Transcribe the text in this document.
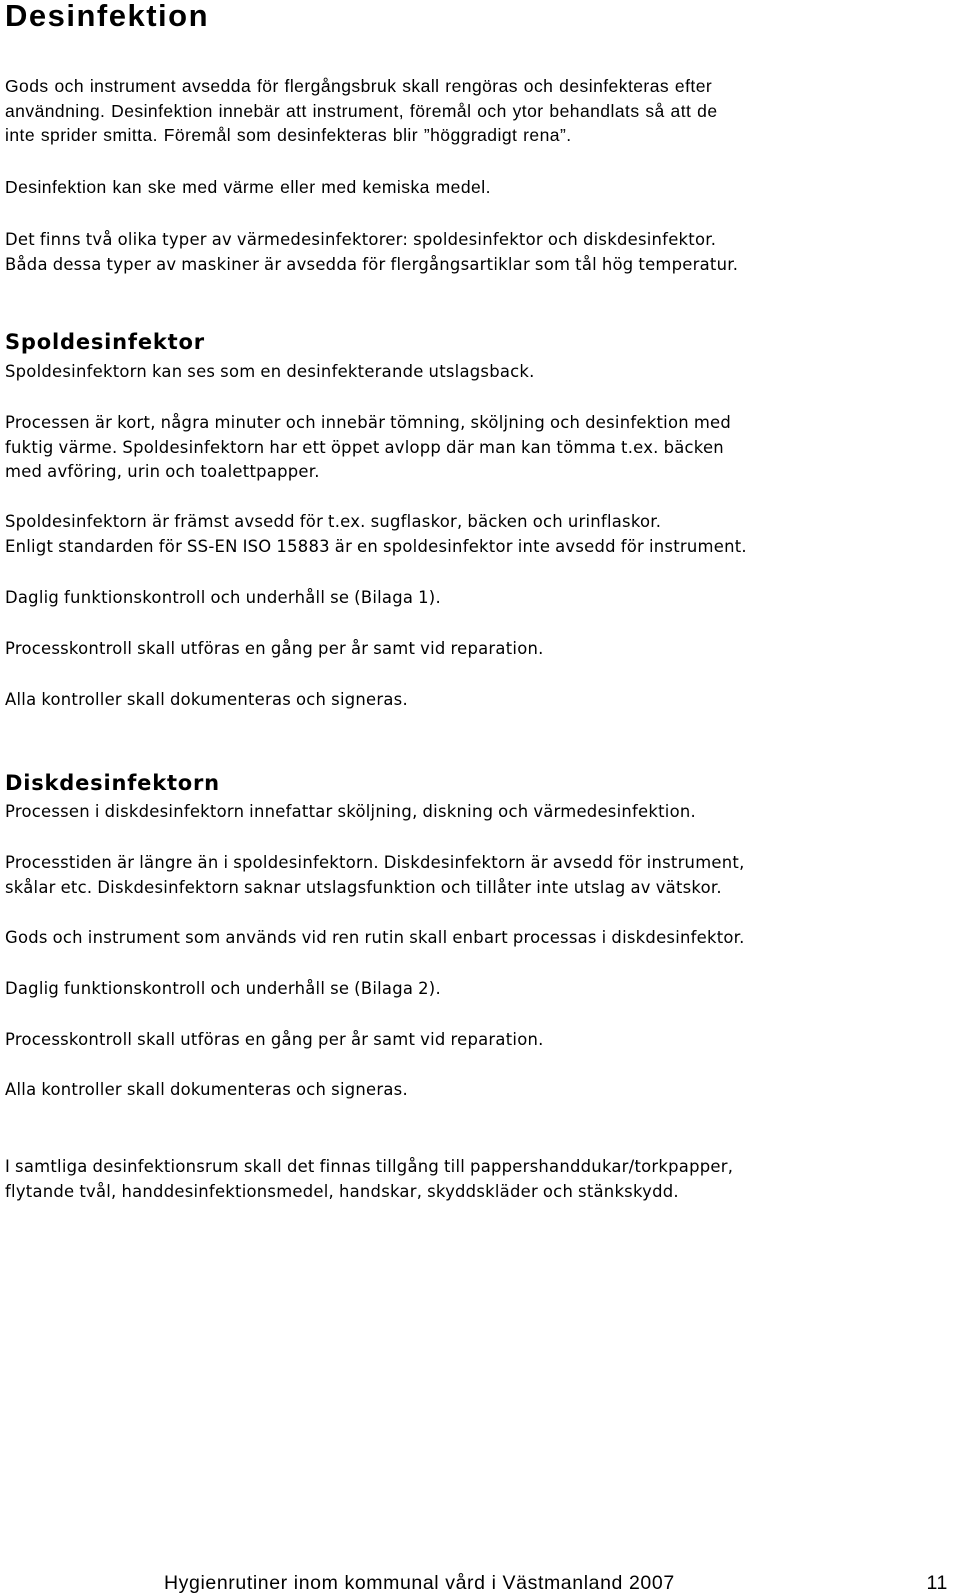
Desinfektion

Gods och instrument avsedda för flergångsbruk skall rengöras och desinfekteras efter
användning. Desinfektion innebär att instrument, föremål och ytor behandlats så att de
inte sprider smitta. Föremål som desinfekteras blir ”höggradigt rena”.

Desinfektion kan ske med värme eller med kemiska medel.

Det finns två olika typer av värmedesinfektorer: spoldesinfektor och diskdesinfektor.
Båda dessa typer av maskiner är avsedda för flergångsartiklar som tål hög temperatur.

Spoldesinfektor

Spoldesinfektorn kan ses som en desinfekterande utslagsback.

Processen är kort, några minuter och innebär tömning, sköljning och desinfektion med
fuktig värme. Spoldesinfektorn har ett öppet avlopp där man kan tömma t.ex. bäcken
med avföring, urin och toalettpapper.

Spoldesinfektorn är främst avsedd för t.ex. sugflaskor, bäcken och urinflaskor.
Enligt standarden för SS-EN ISO 15883 är en spoldesinfektor inte avsedd för instrument.

Daglig funktionskontroll och underhåll se (Bilaga 1).

Processkontroll skall utföras en gång per år samt vid reparation.

Alla kontroller skall dokumenteras och signeras.

Diskdesinfektorn

Processen i diskdesinfektorn innefattar sköljning, diskning och värmedesinfektion.

Processtiden är längre än i spoldesinfektorn. Diskdesinfektorn är avsedd för instrument,
skålar etc. Diskdesinfektorn saknar utslagsfunktion och tillåter inte utslag av vätskor.

Gods och instrument som används vid ren rutin skall enbart processas i diskdesinfektor.

Daglig funktionskontroll och underhåll se (Bilaga 2).

Processkontroll skall utföras en gång per år samt vid reparation.

Alla kontroller skall dokumenteras och signeras.

I samtliga desinfektionsrum skall det finnas tillgång till pappershanddukar/torkpapper,
flytande tvål, handdesinfektionsmedel, handskar, skyddskläder och stänkskydd.

Hygienrutiner inom kommunal vård i Västmanland 2007	11
